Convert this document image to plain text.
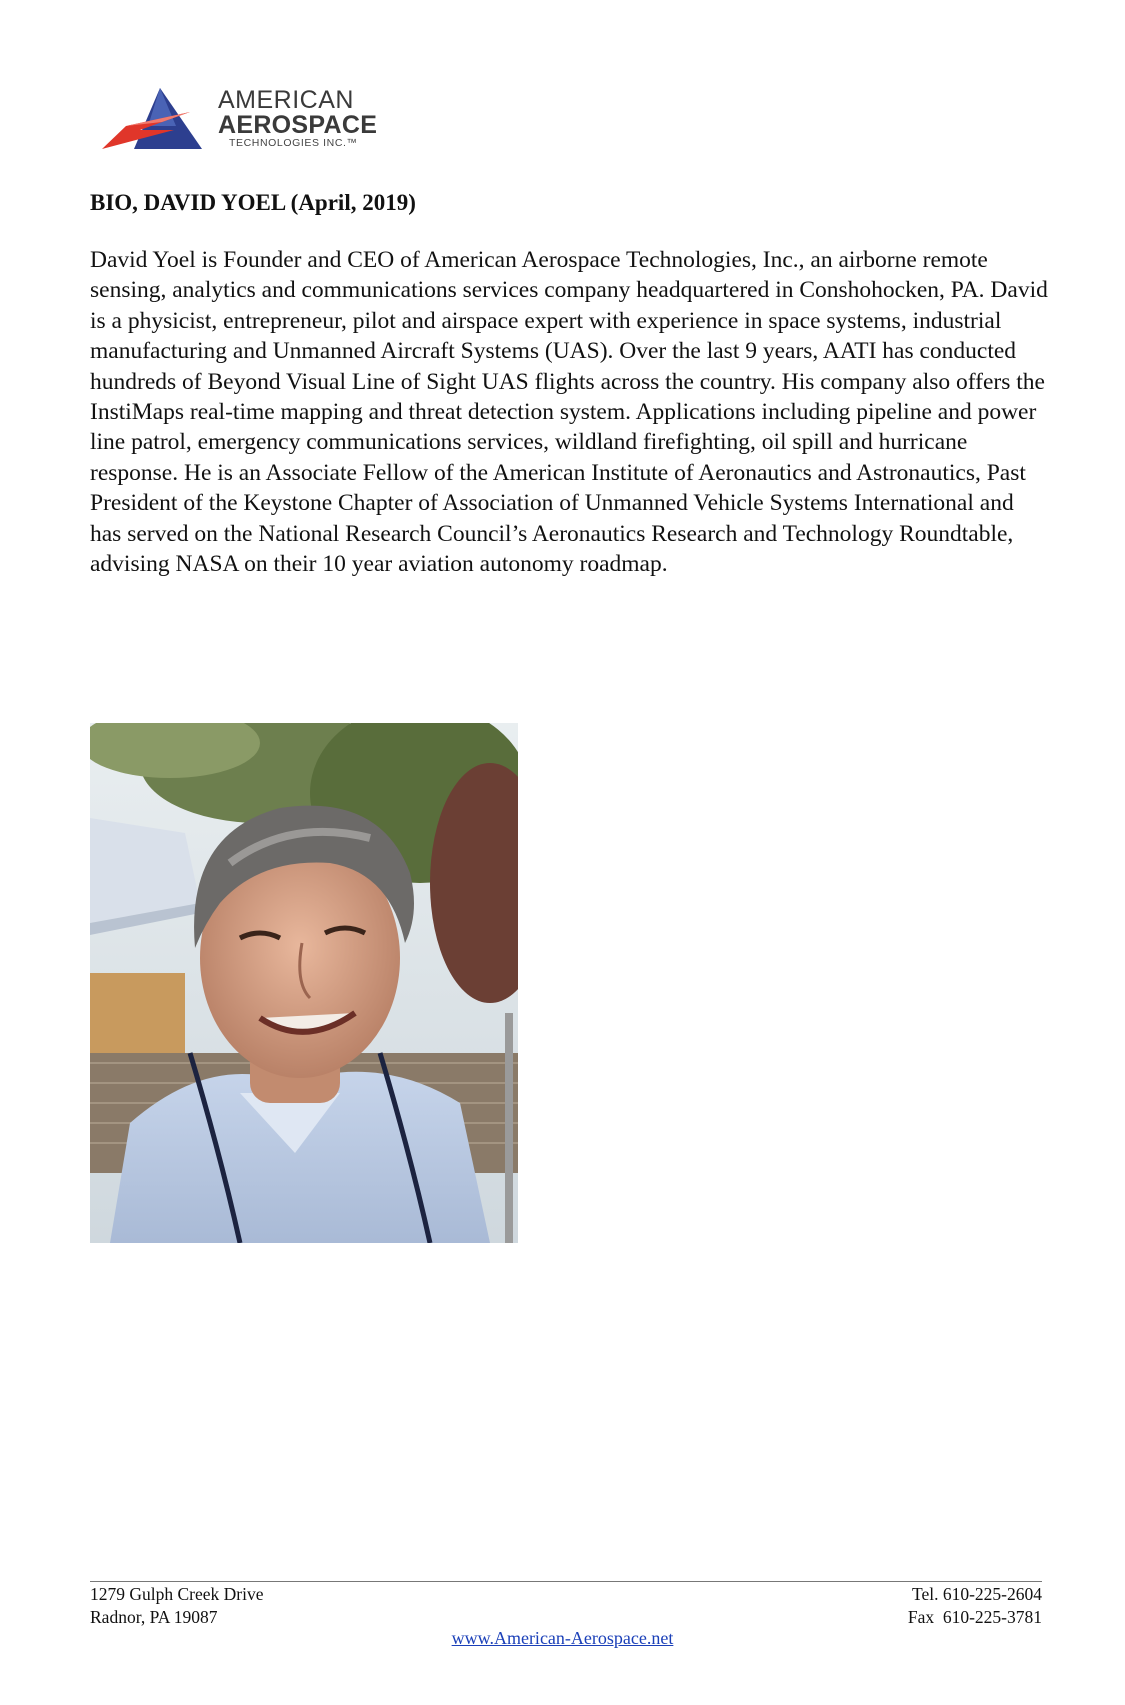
AMERICAN
AEROSPACE
TECHNOLOGIES INC.™
BIO, DAVID YOEL (April, 2019)

David Yoel is Founder and CEO of American Aerospace Technologies, Inc., an airborne remote sensing, analytics and communications services company headquartered in Conshohocken, PA. David is a physicist, entrepreneur, pilot and airspace expert with experience in space systems, industrial manufacturing and Unmanned Aircraft Systems (UAS). Over the last 9 years, AATI has conducted hundreds of Beyond Visual Line of Sight UAS flights across the country. His company also offers the InstiMaps real-time mapping and threat detection system. Applications including pipeline and power line patrol, emergency communications services, wildland firefighting, oil spill and hurricane response. He is an Associate Fellow of the American Institute of Aeronautics and Astronautics, Past President of the Keystone Chapter of Association of Unmanned Vehicle Systems International and has served on the National Research Council’s Aeronautics Research and Technology Roundtable, advising NASA on their 10 year aviation autonomy roadmap.

1279 Gulph Creek Drive
Radnor, PA 19087
Tel. 610-225-2604
Fax  610-225-3781
www.American-Aerospace.net
